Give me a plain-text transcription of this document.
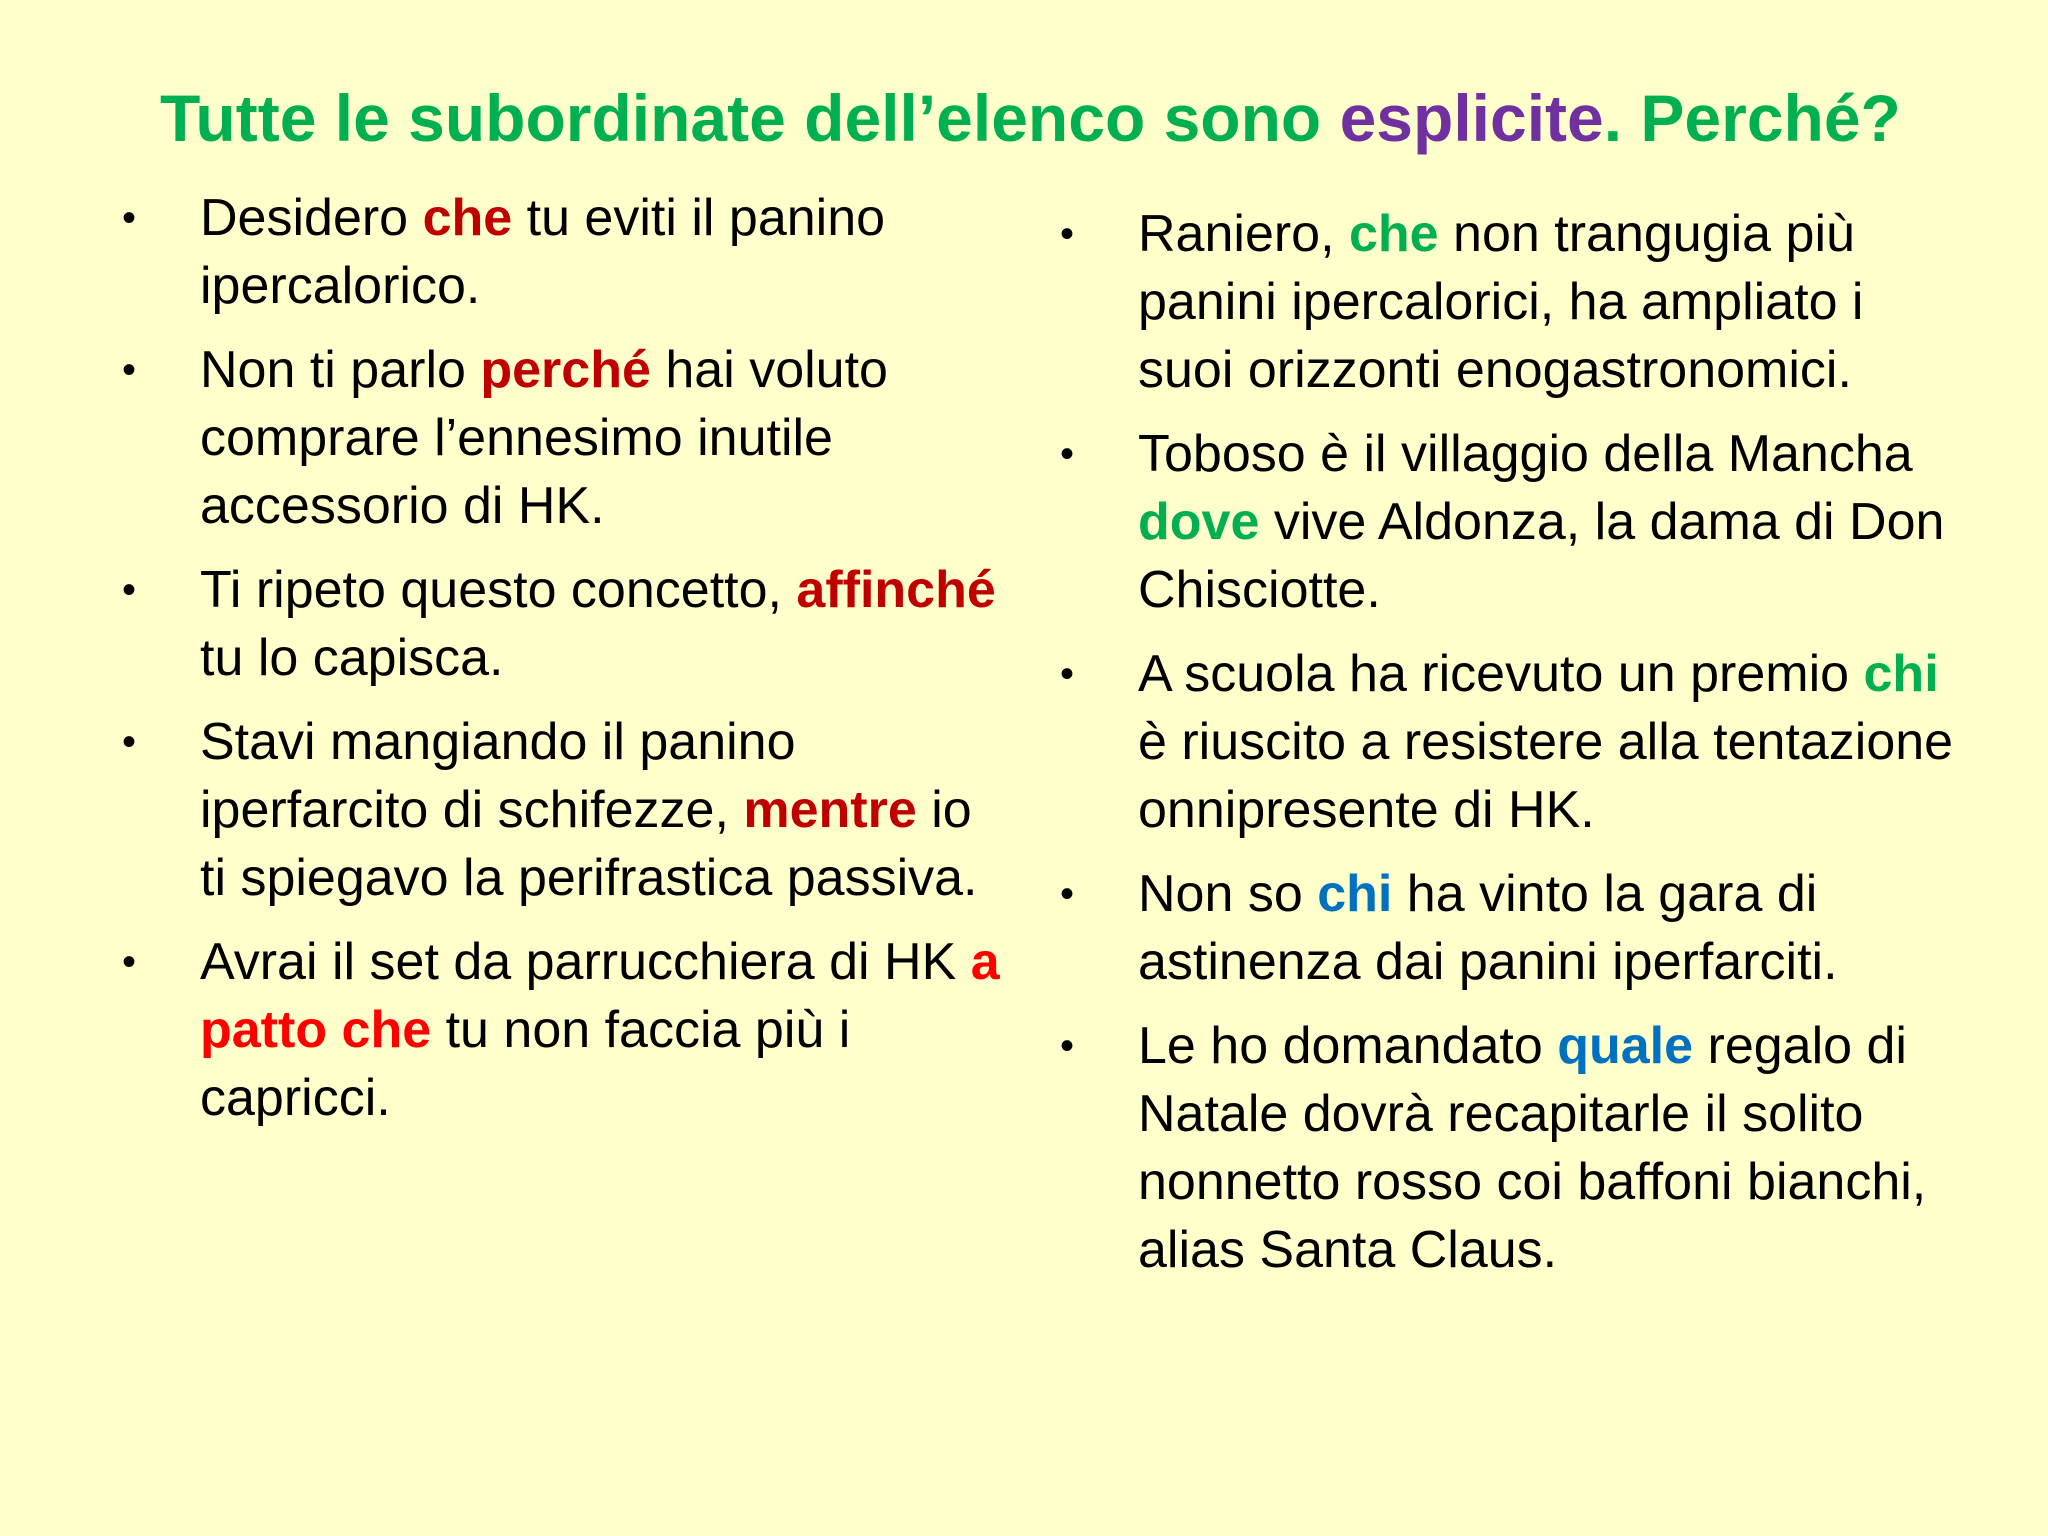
Tutte le subordinate dell’elenco sono esplicite. Perché?
•	Desidero che tu eviti il panino ipercalorico.
•	Non ti parlo perché hai voluto comprare l’ennesimo inutile accessorio di HK.
•	Ti ripeto questo concetto, affinché tu lo capisca.
•	Stavi mangiando il panino iperfarcito di schifezze, mentre io ti spiegavo la perifrastica passiva.
•	Avrai il set da parrucchiera di HK a patto che tu non faccia più i capricci.
•	Raniero, che non trangugia più panini ipercalorici, ha ampliato i suoi orizzonti enogastronomici.
•	Toboso è il villaggio della Mancha dove vive Aldonza, la dama di Don Chisciotte.
•	A scuola ha ricevuto un premio chi è riuscito a resistere alla tentazione onnipresente di HK.
•	Non so chi ha vinto la gara di astinenza dai panini iperfarciti.
•	Le ho domandato quale regalo di Natale dovrà recapitarle il solito nonnetto rosso coi baffoni bianchi, alias Santa Claus.
